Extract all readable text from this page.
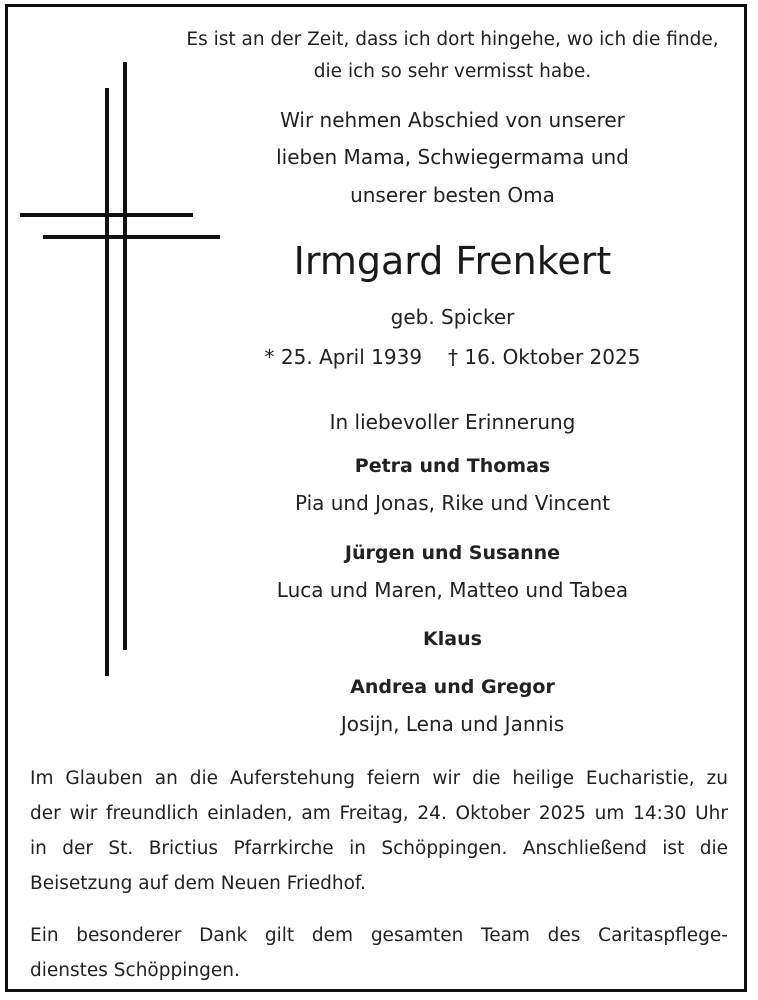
Es ist an der Zeit, dass ich dort hingehe, wo ich die finde,
die ich so sehr vermisst habe.
Wir nehmen Abschied von unserer
lieben Mama, Schwiegermama und
unserer besten Oma
Irmgard Frenkert
geb. Spicker
* 25. April 1939 † 16. Oktober 2025
In liebevoller Erinnerung
Petra und Thomas
Pia und Jonas, Rike und Vincent
Jürgen und Susanne
Luca und Maren, Matteo und Tabea
Klaus
Andrea und Gregor
Josijn, Lena und Jannis
Im Glauben an die Auferstehung feiern wir die heilige Eucharistie, zu
der wir freundlich einladen, am Freitag, 24. Oktober 2025 um 14:30 Uhr
in der St. Brictius Pfarrkirche in Schöppingen. Anschließend ist die
Beisetzung auf dem Neuen Friedhof.
Ein besonderer Dank gilt dem gesamten Team des Caritaspflege-
dienstes Schöppingen.
